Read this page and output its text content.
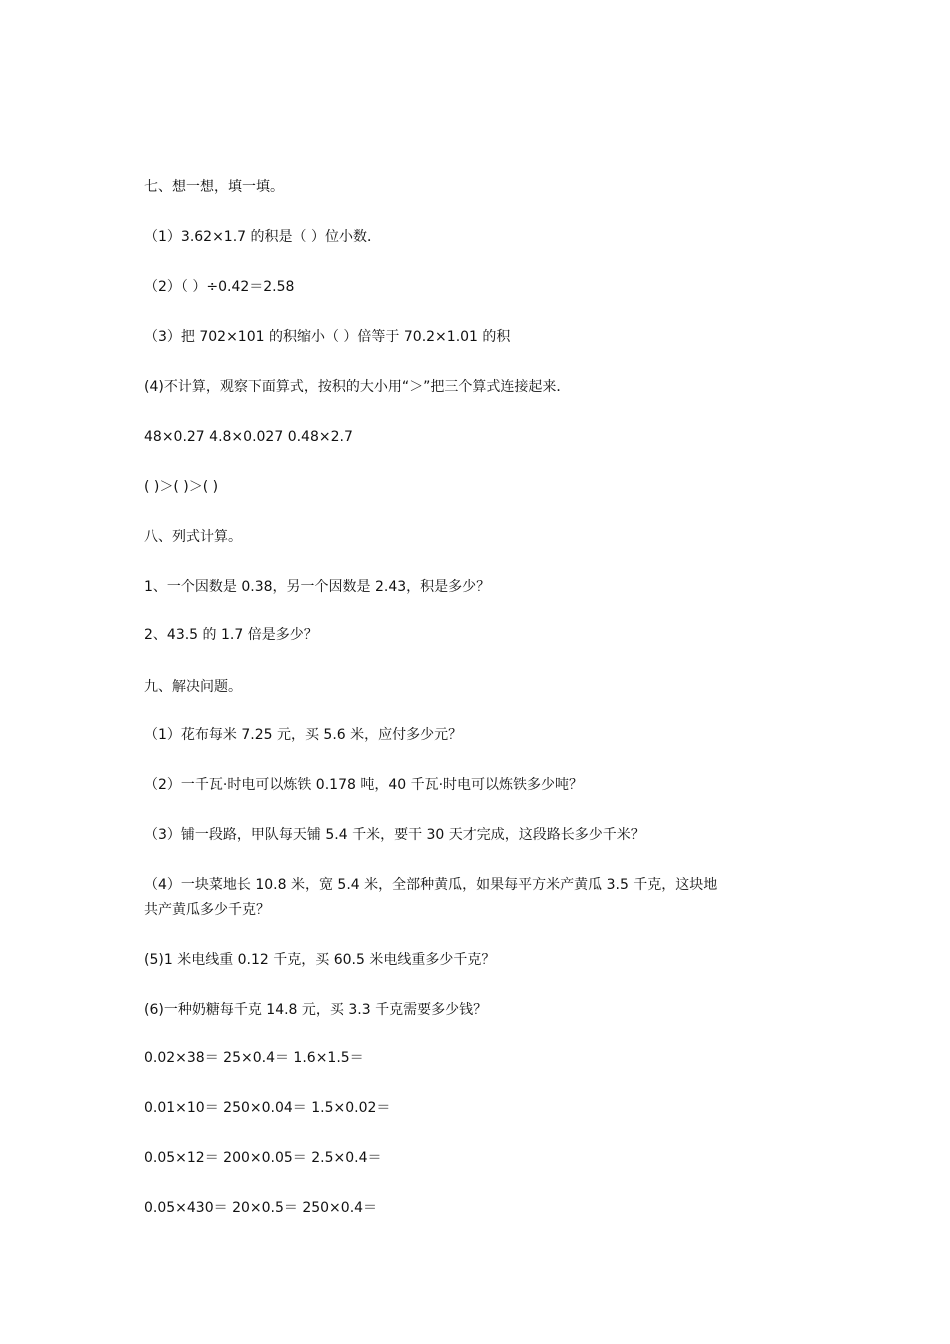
七、想一想，填一填。
（1）3.62×1.7 的积是（ ）位小数．
（2）（ ）÷0.42＝2.58
（3）把 702×101 的积缩小（ ）倍等于 70.2×1.01 的积
(4)不计算，观察下面算式，按积的大小用“＞”把三个算式连接起来．
48×0.27 4.8×0.027 0.48×2.7
( )＞( )＞( )
八、列式计算。
1、一个因数是 0.38，另一个因数是 2.43，积是多少？
2、43.5 的 1.7 倍是多少？
九、解决问题。
（1）花布每米 7.25 元，买 5.6 米，应付多少元？
（2）一千瓦·时电可以炼铁 0.178 吨，40 千瓦·时电可以炼铁多少吨？
（3）铺一段路，甲队每天铺 5.4 千米，要干 30 天才完成，这段路长多少千米？
（4）一块菜地长 10.8 米，宽 5.4 米，全部种黄瓜，如果每平方米产黄瓜 3.5 千克，这块地
共产黄瓜多少千克？
(5)1 米电线重 0.12 千克，买 60.5 米电线重多少千克？
(6)一种奶糖每千克 14.8 元，买 3.3 千克需要多少钱？
0.02×38＝ 25×0.4＝ 1.6×1.5＝
0.01×10＝ 250×0.04＝ 1.5×0.02＝
0.05×12＝ 200×0.05＝ 2.5×0.4＝
0.05×430＝ 20×0.5＝ 250×0.4＝
